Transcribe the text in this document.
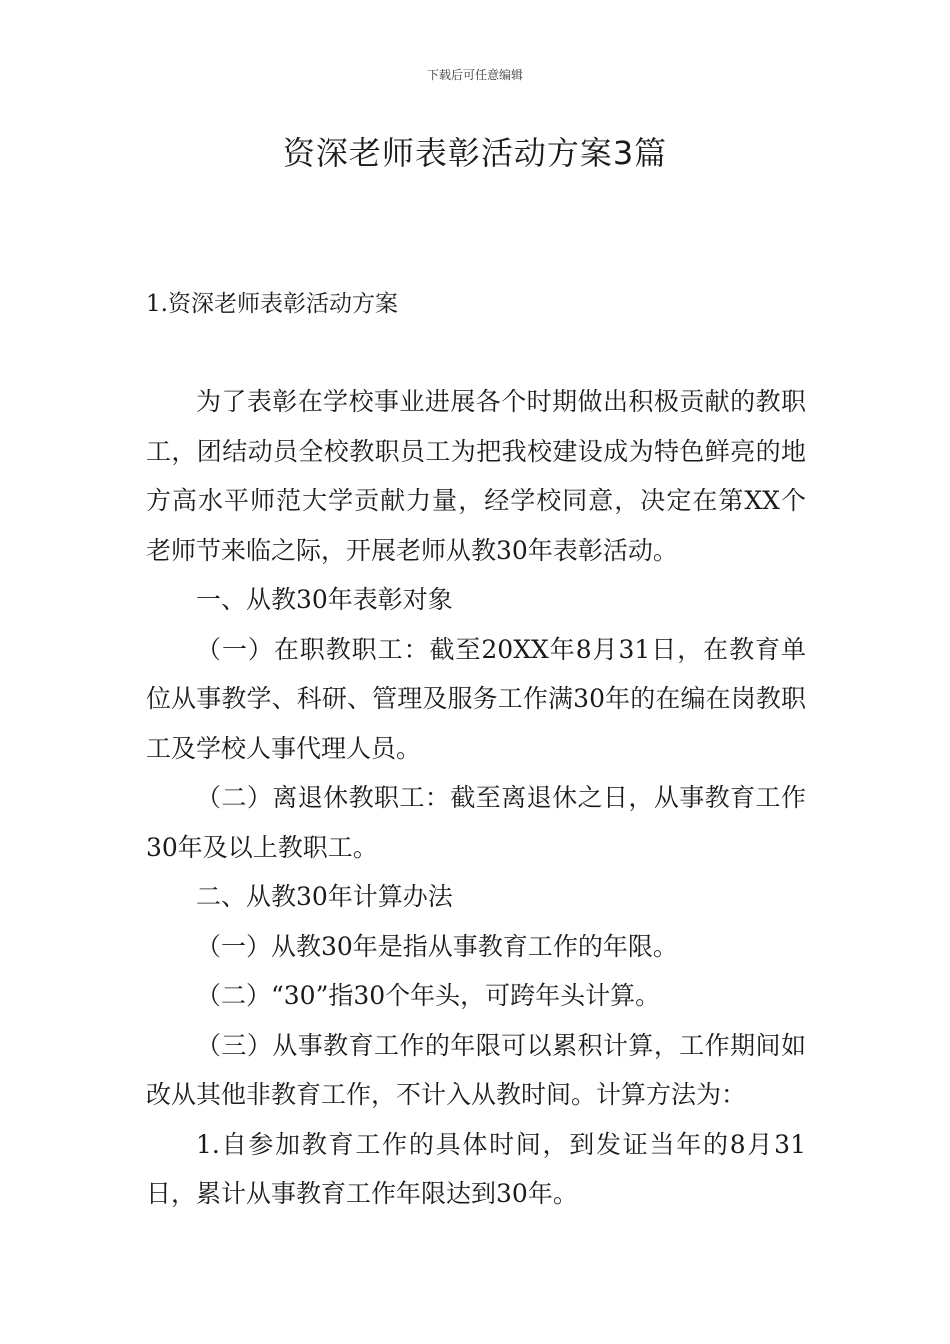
下载后可任意编辑
资深老师表彰活动方案3篇
1.资深老师表彰活动方案

为了表彰在学校事业进展各个时期做出积极贡献的教职工，团结动员全校教职员工为把我校建设成为特色鲜亮的地方高水平师范大学贡献力量，经学校同意，决定在第XX个老师节来临之际，开展老师从教30年表彰活动。

一、从教30年表彰对象

（一）在职教职工：截至20XX年8月31日，在教育单位从事教学、科研、管理及服务工作满30年的在编在岗教职工及学校人事代理人员。

（二）离退休教职工：截至离退休之日，从事教育工作30年及以上教职工。

二、从教30年计算办法

（一）从教30年是指从事教育工作的年限。

（二）“30”指30个年头，可跨年头计算。

（三）从事教育工作的年限可以累积计算，工作期间如改从其他非教育工作，不计入从教时间。计算方法为：

1.自参加教育工作的具体时间，到发证当年的8月31日，累计从事教育工作年限达到30年。
